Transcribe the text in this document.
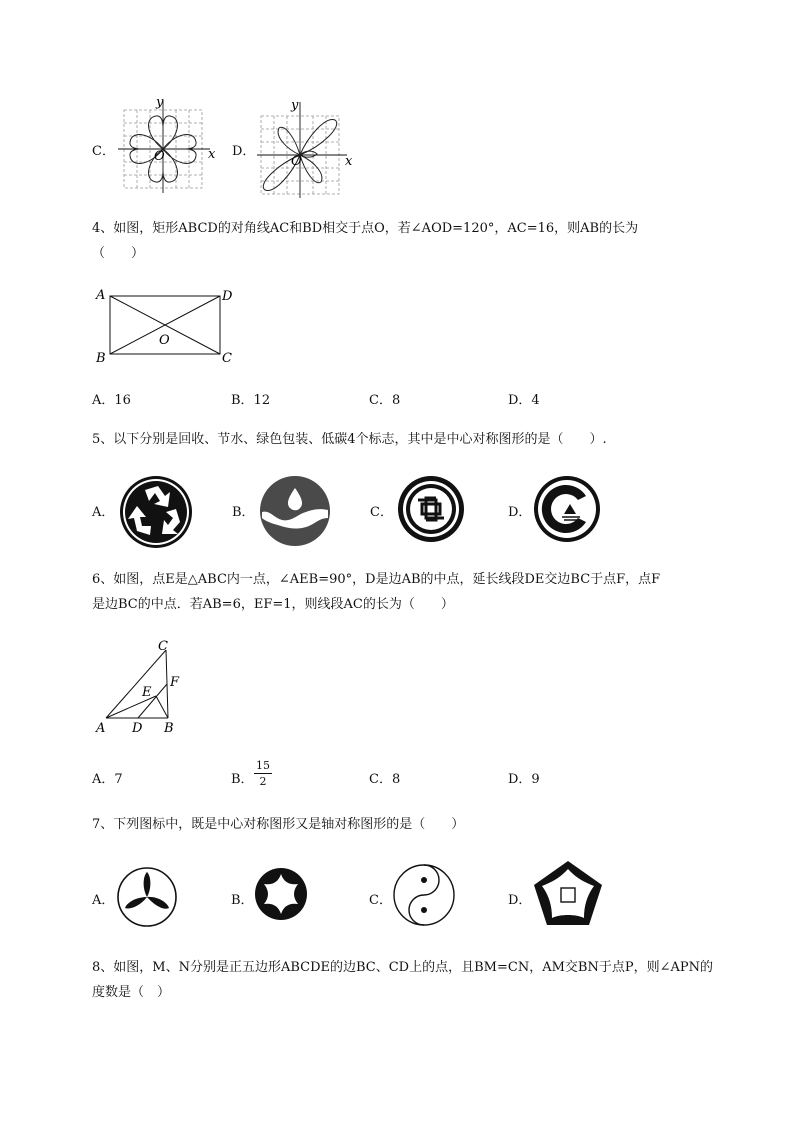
C．
y
x
O	D．
y
x
O
4、如图，矩形ABCD的对角线AC和BD相交于点O，若∠AOD=120°，AC=16，则AB的长为
（　　）
A	D
B	C
O
A．16	B．12	C．8	D．4
5、以下分别是回收、节水、绿色包装、低碳4个标志，其中是中心对称图形的是（　　）.
A．	B．	C．	D．
6、如图，点E是△ABC内一点，∠AEB=90°，D是边AB的中点，延长线段DE交边BC于点F，点F
是边BC的中点．若AB=6，EF=1，则线段AC的长为（　　）
C
F
E
A D B
A．7	B．
15
2	C．8	D．9
7、下列图标中，既是中心对称图形又是轴对称图形的是（　　）
A．	B．	C．	D．
8、如图，M、N分别是正五边形ABCDE的边BC、CD上的点，且BM=CN，AM交BN于点P，则∠APN的
度数是（　）
